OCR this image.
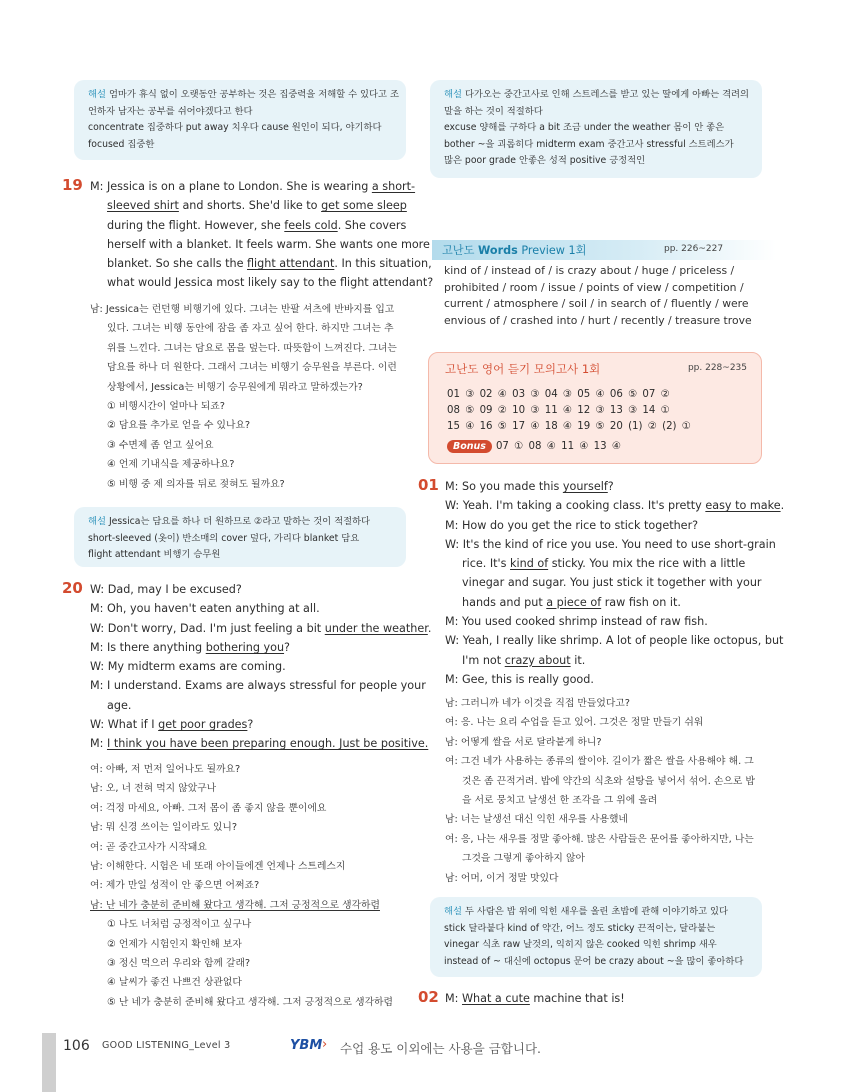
해설 엄마가 휴식 없이 오랫동안 공부하는 것은 집중력을 저해할 수 있다고 조
언하자 남자는 공부를 쉬어야겠다고 한다
concentrate 집중하다 put away 치우다 cause 원인이 되다, 야기하다
focused 집중한
19 M: Jessica is on a plane to London. She is wearing a short-
sleeved shirt and shorts. She'd like to get some sleep
during the flight. However, she feels cold. She covers
herself with a blanket. It feels warm. She wants one more
blanket. So she calls the flight attendant. In this situation,
what would Jessica most likely say to the flight attendant?
남: Jessica는 런던행 비행기에 있다. 그녀는 반팔 셔츠에 반바지를 입고
있다. 그녀는 비행 동안에 잠을 좀 자고 싶어 한다. 하지만 그녀는 추
위를 느낀다. 그녀는 담요로 몸을 덮는다. 따뜻함이 느껴진다. 그녀는
담요를 하나 더 원한다. 그래서 그녀는 비행기 승무원을 부른다. 이런
상황에서, Jessica는 비행기 승무원에게 뭐라고 말하겠는가?
① 비행시간이 얼마나 되죠?
② 담요를 추가로 얻을 수 있나요?
③ 수면제 좀 얻고 싶어요
④ 언제 기내식을 제공하나요?
⑤ 비행 중 제 의자를 뒤로 젖혀도 될까요?
해설 Jessica는 담요를 하나 더 원하므로 ②라고 말하는 것이 적절하다
short-sleeved (옷이) 반소매의 cover 덮다, 가리다 blanket 담요
flight attendant 비행기 승무원
20 W: Dad, may I be excused?
M: Oh, you haven't eaten anything at all.
W: Don't worry, Dad. I'm just feeling a bit under the weather.
M: Is there anything bothering you?
W: My midterm exams are coming.
M: I understand. Exams are always stressful for people your
age.
W: What if I get poor grades?
M: I think you have been preparing enough. Just be positive.
여: 아빠, 저 먼저 일어나도 될까요?
남: 오, 너 전혀 먹지 않았구나
여: 걱정 마세요, 아빠. 그저 몸이 좀 좋지 않을 뿐이에요
남: 뭐 신경 쓰이는 일이라도 있니?
여: 곧 중간고사가 시작돼요
남: 이해한다. 시험은 네 또래 아이들에겐 언제나 스트레스지
여: 제가 만일 성적이 안 좋으면 어쩌죠?
남: 난 네가 충분히 준비해 왔다고 생각해. 그저 긍정적으로 생각하렴
① 나도 너처럼 긍정적이고 싶구나
② 언제가 시험인지 확인해 보자
③ 정신 먹으러 우리와 함께 갈래?
④ 날씨가 좋건 나쁘건 상관없다
⑤ 난 네가 충분히 준비해 왔다고 생각해. 그저 긍정적으로 생각하렴
해설 다가오는 중간고사로 인해 스트레스를 받고 있는 딸에게 아빠는 격려의
말을 하는 것이 적절하다
excuse 양해를 구하다 a bit 조금 under the weather 몸이 안 좋은
bother ~을 괴롭히다 midterm exam 중간고사 stressful 스트레스가
많은 poor grade 안좋은 성적 positive 긍정적인
고난도 Words Preview 1회	pp. 226~227
kind of / instead of / is crazy about / huge / priceless /
prohibited / room / issue / points of view / competition /
current / atmosphere / soil / in search of / fluently / were
envious of / crashed into / hurt / recently / treasure trove
고난도 영어 듣기 모의고사 1회	pp. 228~235
01 ③ 02 ④ 03 ③ 04 ③ 05 ④ 06 ⑤ 07 ②
08 ⑤ 09 ② 10 ③ 11 ④ 12 ③ 13 ③ 14 ①
15 ④ 16 ⑤ 17 ④ 18 ④ 19 ⑤ 20 (1) ② (2) ①
Bonus 07 ① 08 ④ 11 ④ 13 ④
01 M: So you made this yourself?
W: Yeah. I'm taking a cooking class. It's pretty easy to make.
M: How do you get the rice to stick together?
W: It's the kind of rice you use. You need to use short-grain
rice. It's kind of sticky. You mix the rice with a little
vinegar and sugar. You just stick it together with your
hands and put a piece of raw fish on it.
M: You used cooked shrimp instead of raw fish.
W: Yeah, I really like shrimp. A lot of people like octopus, but
I'm not crazy about it.
M: Gee, this is really good.
남: 그러니까 네가 이것을 직접 만들었다고?
여: 응. 나는 요리 수업을 듣고 있어. 그것은 정말 만들기 쉬워
남: 어떻게 쌀을 서로 달라붙게 하니?
여: 그건 네가 사용하는 종류의 쌀이야. 길이가 짧은 쌀을 사용해야 해. 그
것은 좀 끈적거려. 밥에 약간의 식초와 설탕을 넣어서 섞어. 손으로 밥
을 서로 뭉치고 날생선 한 조각을 그 위에 올려
남: 너는 날생선 대신 익힌 새우를 사용했네
여: 응, 나는 새우를 정말 좋아해. 많은 사람들은 문어를 좋아하지만, 나는
그것을 그렇게 좋아하지 않아
남: 어머, 이거 정말 맛있다
해설 두 사람은 밥 위에 익힌 새우를 올린 초밥에 관해 이야기하고 있다
stick 달라붙다 kind of 약간, 어느 정도 sticky 끈적이는, 달라붙는
vinegar 식초 raw 날것의, 익히지 않은 cooked 익힌 shrimp 새우
instead of ~ 대신에 octopus 문어 be crazy about ~을 많이 좋아하다
02 M: What a cute machine that is!
106 GOOD LISTENING_Level 3	YBM › 수업 용도 이외에는 사용을 금합니다.
